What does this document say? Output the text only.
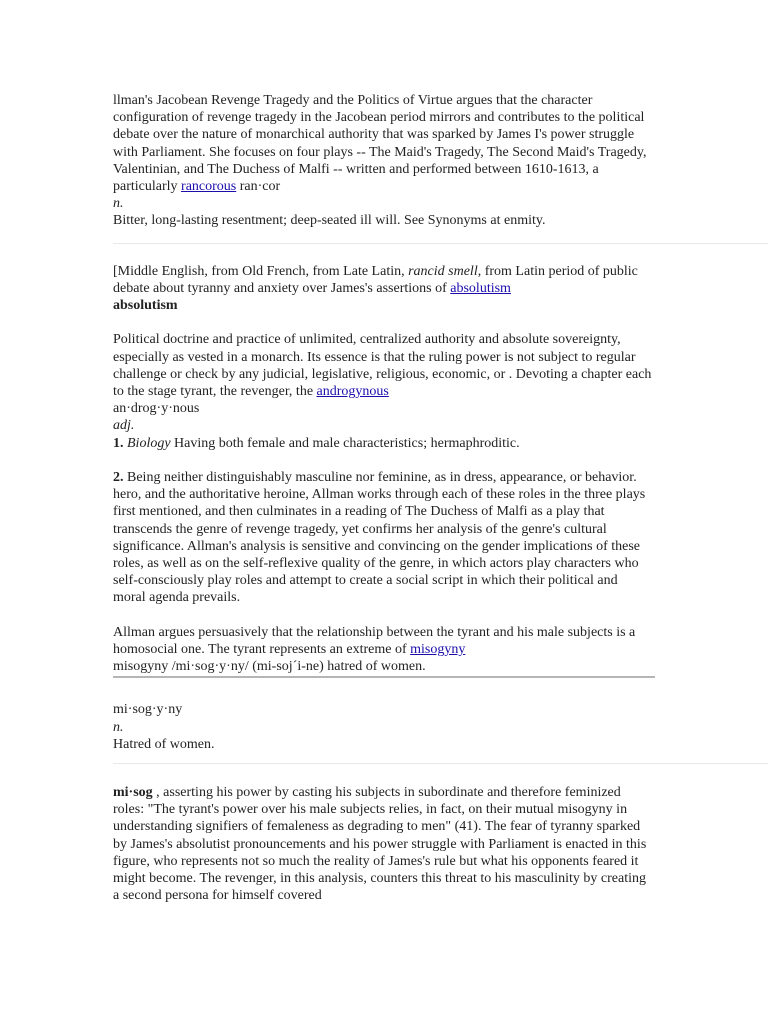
llman's Jacobean Revenge Tragedy and the Politics of Virtue argues that the character configuration of revenge tragedy in the Jacobean period mirrors and contributes to the political debate over the nature of monarchical authority that was sparked by James I's power struggle with Parliament. She focuses on four plays -- The Maid's Tragedy, The Second Maid's Tragedy, Valentinian, and The Duchess of Malfi -- written and performed between 1610-1613, a particularly rancorous ran·cor

n.

Bitter, long-lasting resentment; deep-seated ill will. See Synonyms at enmity.

[Middle English, from Old French, from Late Latin, rancid smell, from Latin period of public debate about tyranny and anxiety over James's assertions of absolutism

absolutism

Political doctrine and practice of unlimited, centralized authority and absolute sovereignty, especially as vested in a monarch. Its essence is that the ruling power is not subject to regular challenge or check by any judicial, legislative, religious, economic, or . Devoting a chapter each to the stage tyrant, the revenger, the androgynous

an·drog·y·nous

adj.

1. Biology Having both female and male characteristics; hermaphroditic.

2. Being neither distinguishably masculine nor feminine, as in dress, appearance, or behavior. hero, and the authoritative heroine, Allman works through each of these roles in the three plays first mentioned, and then culminates in a reading of The Duchess of Malfi as a play that transcends the genre of revenge tragedy, yet confirms her analysis of the genre's cultural significance. Allman's analysis is sensitive and convincing on the gender implications of these roles, as well as on the self-reflexive quality of the genre, in which actors play characters who self-consciously play roles and attempt to create a social script in which their political and moral agenda prevails.

Allman argues persuasively that the relationship between the tyrant and his male subjects is a homosocial one. The tyrant represents an extreme of misogyny

misogyny /mi·sog·y·ny/ (mi-soj´i-ne) hatred of women.

mi·sog·y·ny

n.

Hatred of women.

mi·sog , asserting his power by casting his subjects in subordinate and therefore feminized roles: "The tyrant's power over his male subjects relies, in fact, on their mutual misogyny in understanding signifiers of femaleness as degrading to men" (41). The fear of tyranny sparked by James's absolutist pronouncements and his power struggle with Parliament is enacted in this figure, who represents not so much the reality of James's rule but what his opponents feared it might become. The revenger, in this analysis, counters this threat to his masculinity by creating a second persona for himself covered
